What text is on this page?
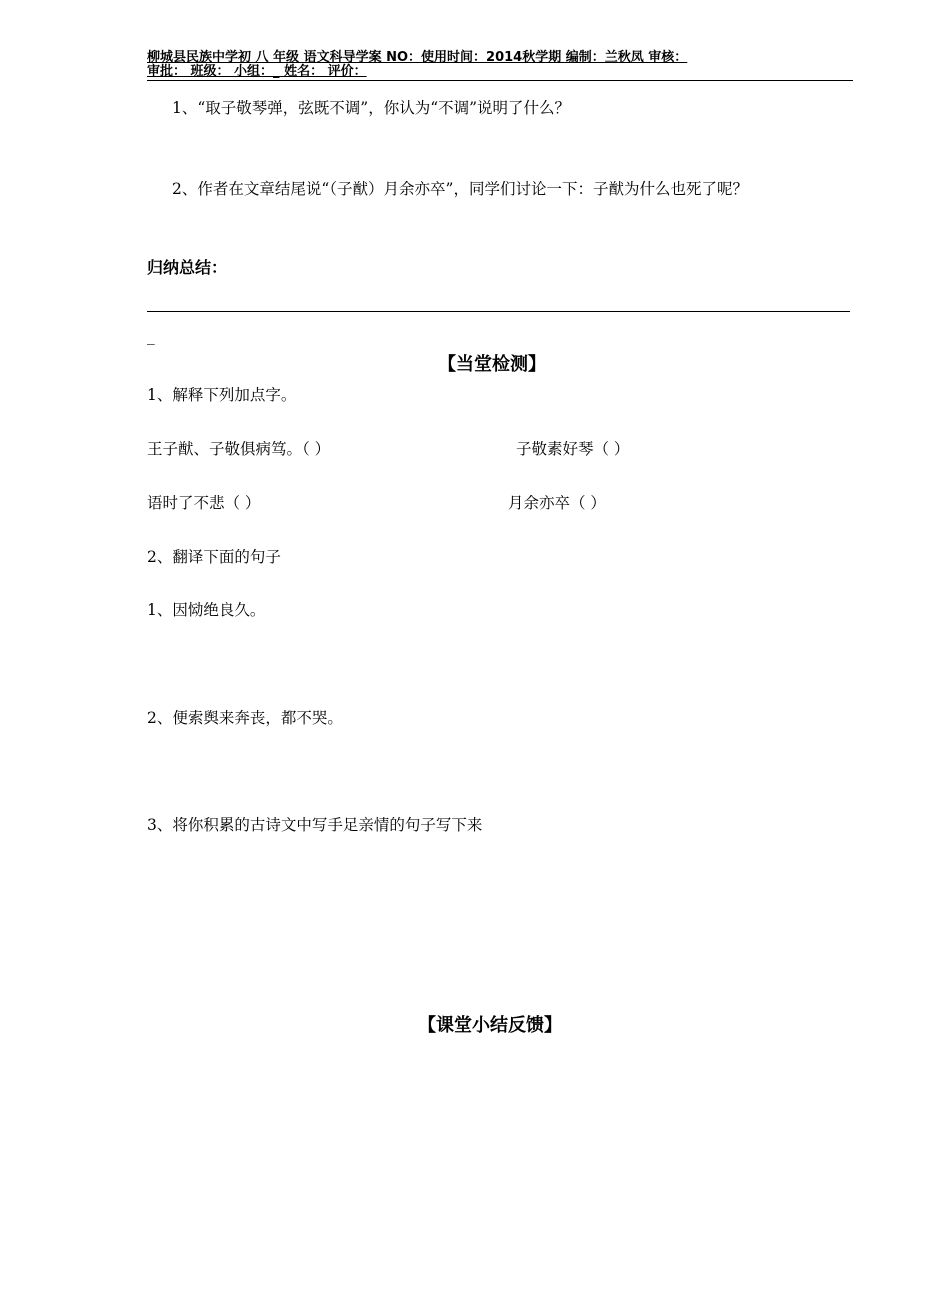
柳城县民族中学初 八 年级 语文科导学案 NO：使用时间：2014秋学期 编制：兰秋凤 审核：
审批： 班级： 小组：_ 姓名： 评价：
1、“取子敬琴弹，弦既不调”，你认为“不调”说明了什么？
2、作者在文章结尾说“（子猷）月余亦卒”，同学们讨论一下：子猷为什么也死了呢？
归纳总结：
_
【当堂检测】
1、解释下列加点字。
王子猷、子敬俱病笃。（ ）	子敬素好琴（ ）
语时了不悲（ ）	月余亦卒（ ）
2、翻译下面的句子
1、因恸绝良久。
2、便索舆来奔丧，都不哭。
3、将你积累的古诗文中写手足亲情的句子写下来
【课堂小结反馈】
